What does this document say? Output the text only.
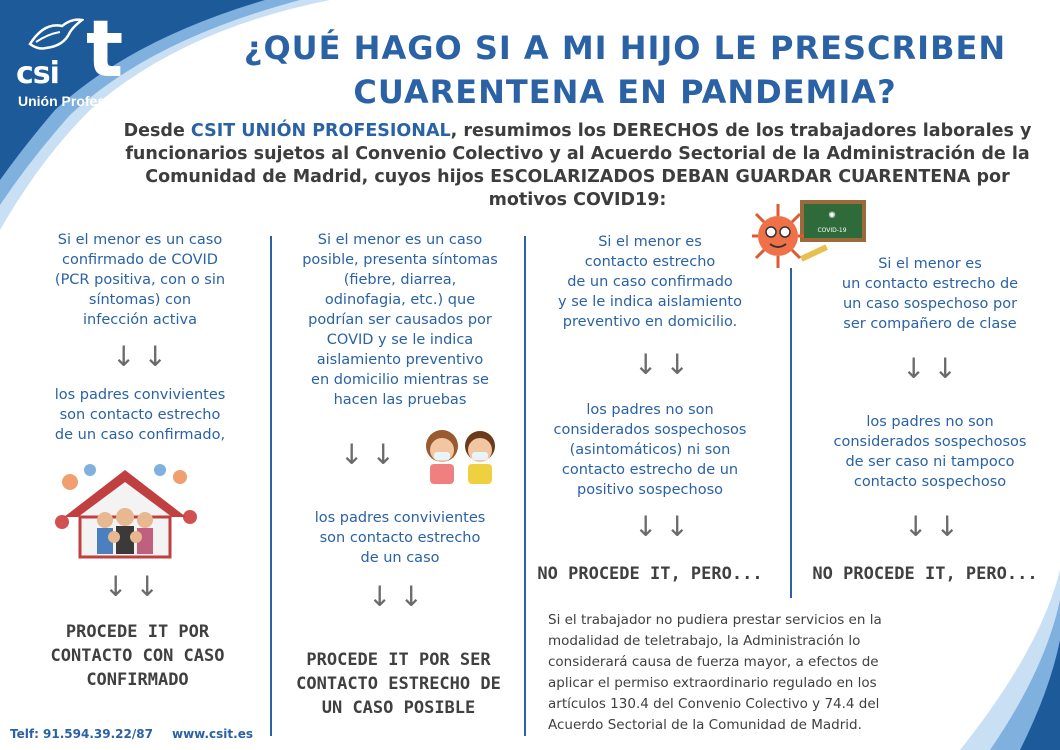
csi t
Unión Profesional
¿QUÉ HAGO SI A MI HIJO LE PRESCRIBEN
CUARENTENA EN PANDEMIA?
Desde CSIT UNIÓN PROFESIONAL, resumimos los DERECHOS de los trabajadores laborales y funcionarios sujetos al Convenio Colectivo y al Acuerdo Sectorial de la Administración de la Comunidad de Madrid, cuyos hijos ESCOLARIZADOS DEBAN GUARDAR CUARENTENA por motivos COVID19:
Si el menor es un caso
confirmado de COVID
(PCR positiva, con o sin
síntomas) con
infección activa
↓↓
los padres convivientes
son contacto estrecho
de un caso confirmado,
↓↓
PROCEDE IT POR
CONTACTO CON CASO
CONFIRMADO
Si el menor es un caso
posible, presenta síntomas
(fiebre, diarrea,
odinofagia, etc.) que
podrían ser causados por
COVID y se le indica
aislamiento preventivo
en domicilio mientras se
hacen las pruebas
↓↓
los padres convivientes
son contacto estrecho
de un caso
↓↓
PROCEDE IT POR SER
CONTACTO ESTRECHO DE
UN CASO POSIBLE
Si el menor es
contacto estrecho
de un caso confirmado
y se le indica aislamiento
preventivo en domicilio.
↓↓
los padres no son
considerados sospechosos
(asintomáticos) ni son
contacto estrecho de un
positivo sospechoso
↓↓
NO PROCEDE IT, PERO...
✺
COVID-19
Si el menor es
un contacto estrecho de
un caso sospechoso por
ser compañero de clase
↓↓
los padres no son
considerados sospechosos
de ser caso ni tampoco
contacto sospechoso
↓↓
NO PROCEDE IT, PERO...
Si el trabajador no pudiera prestar servicios en la
modalidad de teletrabajo, la Administración lo
considerará causa de fuerza mayor, a efectos de
aplicar el permiso extraordinario regulado en los
artículos 130.4 del Convenio Colectivo y 74.4 del
Acuerdo Sectorial de la Comunidad de Madrid.
Telf: 91.594.39.22/87 www.csit.es
